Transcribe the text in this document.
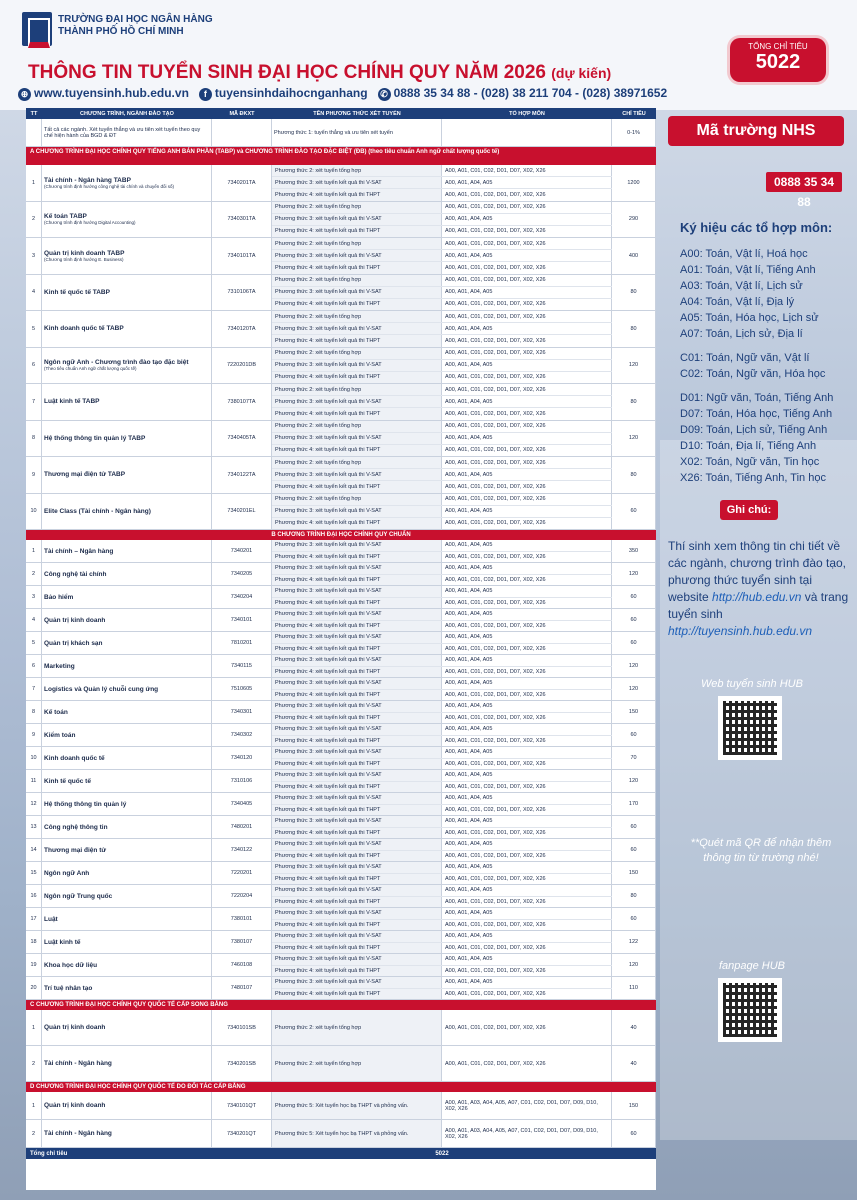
TRƯỜNG ĐẠI HỌC NGÂN HÀNG
THÀNH PHỐ HỒ CHÍ MINH
THÔNG TIN TUYỂN SINH ĐẠI HỌC CHÍNH QUY NĂM 2026 (dự kiến)
⊕ www.tuyensinh.hub.edu.vn	f tuyensinhdaihocnganhang	✆ 0888 35 34 88 - (028) 38 211 704 - (028) 38971652
TỔNG CHỈ TIÊU
5022
TT	CHƯƠNG TRÌNH, NGÀNH ĐÀO TẠO	MÃ ĐKXT	TÊN PHƯƠNG THỨC XÉT TUYỂN	TỔ HỢP MÔN	CHỈ TIÊU
Tất cả các ngành. Xét tuyển thẳng và ưu tiên xét tuyển theo quy chế hiện hành của BGD & ĐT	Phương thức 1: tuyển thẳng và ưu tiên xét tuyển	0-1%
A CHƯƠNG TRÌNH ĐẠI HỌC CHÍNH QUY TIẾNG ANH BÁN PHẦN (TABP) và CHƯƠNG TRÌNH ĐÀO TẠO ĐẶC BIỆT (ĐB) (theo tiêu chuẩn Anh ngữ chất lượng quốc tế)
1	Tài chính - Ngân hàng TABP
(Chương trình định hướng công nghệ tài chính và chuyển đổi số)
7340201TA
Phương thức 2: xét tuyển tổng hợp	A00, A01, C01, C02, D01, D07, X02, X26
Phương thức 3: xét tuyển kết quả thi V-SAT	A00, A01, A04, A05
Phương thức 4: xét tuyển kết quả thi THPT	A00, A01, C01, C02, D01, D07, X02, X26
1200
2	Kế toán TABP
(Chương trình định hướng Digital Accounting)
7340301TA
Phương thức 2: xét tuyển tổng hợp	A00, A01, C01, C02, D01, D07, X02, X26
Phương thức 3: xét tuyển kết quả thi V-SAT	A00, A01, A04, A05
Phương thức 4: xét tuyển kết quả thi THPT	A00, A01, C01, C02, D01, D07, X02, X26
290
3	Quản trị kinh doanh TABP
(Chương trình định hướng E. Business)
7340101TA
Phương thức 2: xét tuyển tổng hợp	A00, A01, C01, C02, D01, D07, X02, X26
Phương thức 3: xét tuyển kết quả thi V-SAT	A00, A01, A04, A05
Phương thức 4: xét tuyển kết quả thi THPT	A00, A01, C01, C02, D01, D07, X02, X26
400
4	Kinh tế quốc tế TABP	7310106TA
Phương thức 2: xét tuyển tổng hợp	A00, A01, C01, C02, D01, D07, X02, X26
Phương thức 3: xét tuyển kết quả thi V-SAT	A00, A01, A04, A05
Phương thức 4: xét tuyển kết quả thi THPT	A00, A01, C01, C02, D01, D07, X02, X26
80
5	Kinh doanh quốc tế TABP	7340120TA
Phương thức 2: xét tuyển tổng hợp	A00, A01, C01, C02, D01, D07, X02, X26
Phương thức 3: xét tuyển kết quả thi V-SAT	A00, A01, A04, A05
Phương thức 4: xét tuyển kết quả thi THPT	A00, A01, C01, C02, D01, D07, X02, X26
80
6	Ngôn ngữ Anh - Chương trình đào tạo đặc biệt
(Theo tiêu chuẩn Anh ngữ chất lượng quốc tế)
7220201DB
Phương thức 2: xét tuyển tổng hợp	A00, A01, C01, C02, D01, D07, X02, X26
Phương thức 3: xét tuyển kết quả thi V-SAT	A00, A01, A04, A05
Phương thức 4: xét tuyển kết quả thi THPT	A00, A01, C01, C02, D01, D07, X02, X26
120
7	Luật kinh tế TABP	7380107TA
Phương thức 2: xét tuyển tổng hợp	A00, A01, C01, C02, D01, D07, X02, X26
Phương thức 3: xét tuyển kết quả thi V-SAT	A00, A01, A04, A05
Phương thức 4: xét tuyển kết quả thi THPT	A00, A01, C01, C02, D01, D07, X02, X26
80
8	Hệ thống thông tin quản lý TABP	7340405TA
Phương thức 2: xét tuyển tổng hợp	A00, A01, C01, C02, D01, D07, X02, X26
Phương thức 3: xét tuyển kết quả thi V-SAT	A00, A01, A04, A05
Phương thức 4: xét tuyển kết quả thi THPT	A00, A01, C01, C02, D01, D07, X02, X26
120
9	Thương mại điện tử TABP	7340122TA
Phương thức 2: xét tuyển tổng hợp	A00, A01, C01, C02, D01, D07, X02, X26
Phương thức 3: xét tuyển kết quả thi V-SAT	A00, A01, A04, A05
Phương thức 4: xét tuyển kết quả thi THPT	A00, A01, C01, C02, D01, D07, X02, X26
80
10	Elite Class (Tài chính - Ngân hàng)	7340201EL
Phương thức 2: xét tuyển tổng hợp	A00, A01, C01, C02, D01, D07, X02, X26
Phương thức 3: xét tuyển kết quả thi V-SAT	A00, A01, A04, A05
Phương thức 4: xét tuyển kết quả thi THPT	A00, A01, C01, C02, D01, D07, X02, X26
60
B CHƯƠNG TRÌNH ĐẠI HỌC CHÍNH QUY CHUẨN
1	Tài chính – Ngân hàng	7340201
Phương thức 3: xét tuyển kết quả thi V-SAT	A00, A01, A04, A05
Phương thức 4: xét tuyển kết quả thi THPT	A00, A01, C01, C02, D01, D07, X02, X26
350
2	Công nghệ tài chính	7340205
Phương thức 3: xét tuyển kết quả thi V-SAT	A00, A01, A04, A05
Phương thức 4: xét tuyển kết quả thi THPT	A00, A01, C01, C02, D01, D07, X02, X26
120
3	Bảo hiểm	7340204
Phương thức 3: xét tuyển kết quả thi V-SAT	A00, A01, A04, A05
Phương thức 4: xét tuyển kết quả thi THPT	A00, A01, C01, C02, D01, D07, X02, X26
60
4	Quản trị kinh doanh	7340101
Phương thức 3: xét tuyển kết quả thi V-SAT	A00, A01, A04, A05
Phương thức 4: xét tuyển kết quả thi THPT	A00, A01, C01, C02, D01, D07, X02, X26
60
5	Quản trị khách sạn	7810201
Phương thức 3: xét tuyển kết quả thi V-SAT	A00, A01, A04, A05
Phương thức 4: xét tuyển kết quả thi THPT	A00, A01, C01, C02, D01, D07, X02, X26
60
6	Marketing	7340115
Phương thức 3: xét tuyển kết quả thi V-SAT	A00, A01, A04, A05
Phương thức 4: xét tuyển kết quả thi THPT	A00, A01, C01, C02, D01, D07, X02, X26
120
7	Logistics và Quản lý chuỗi cung ứng	7510605
Phương thức 3: xét tuyển kết quả thi V-SAT	A00, A01, A04, A05
Phương thức 4: xét tuyển kết quả thi THPT	A00, A01, C01, C02, D01, D07, X02, X26
120
8	Kế toán	7340301
Phương thức 3: xét tuyển kết quả thi V-SAT	A00, A01, A04, A05
Phương thức 4: xét tuyển kết quả thi THPT	A00, A01, C01, C02, D01, D07, X02, X26
150
9	Kiểm toán	7340302
Phương thức 3: xét tuyển kết quả thi V-SAT	A00, A01, A04, A05
Phương thức 4: xét tuyển kết quả thi THPT	A00, A01, C01, C02, D01, D07, X02, X26
60
10	Kinh doanh quốc tế	7340120
Phương thức 3: xét tuyển kết quả thi V-SAT	A00, A01, A04, A05
Phương thức 4: xét tuyển kết quả thi THPT	A00, A01, C01, C02, D01, D07, X02, X26
70
11	Kinh tế quốc tế	7310106
Phương thức 3: xét tuyển kết quả thi V-SAT	A00, A01, A04, A05
Phương thức 4: xét tuyển kết quả thi THPT	A00, A01, C01, C02, D01, D07, X02, X26
120
12	Hệ thống thông tin quản lý	7340405
Phương thức 3: xét tuyển kết quả thi V-SAT	A00, A01, A04, A05
Phương thức 4: xét tuyển kết quả thi THPT	A00, A01, C01, C02, D01, D07, X02, X26
170
13	Công nghệ thông tin	7480201
Phương thức 3: xét tuyển kết quả thi V-SAT	A00, A01, A04, A05
Phương thức 4: xét tuyển kết quả thi THPT	A00, A01, C01, C02, D01, D07, X02, X26
60
14	Thương mại điện tử	7340122
Phương thức 3: xét tuyển kết quả thi V-SAT	A00, A01, A04, A05
Phương thức 4: xét tuyển kết quả thi THPT	A00, A01, C01, C02, D01, D07, X02, X26
60
15	Ngôn ngữ Anh	7220201
Phương thức 3: xét tuyển kết quả thi V-SAT	A00, A01, A04, A05
Phương thức 4: xét tuyển kết quả thi THPT	A00, A01, C01, C02, D01, D07, X02, X26
150
16	Ngôn ngữ Trung quốc	7220204
Phương thức 3: xét tuyển kết quả thi V-SAT	A00, A01, A04, A05
Phương thức 4: xét tuyển kết quả thi THPT	A00, A01, C01, C02, D01, D07, X02, X26
80
17	Luật	7380101
Phương thức 3: xét tuyển kết quả thi V-SAT	A00, A01, A04, A05
Phương thức 4: xét tuyển kết quả thi THPT	A00, A01, C01, C02, D01, D07, X02, X26
60
18	Luật kinh tế	7380107
Phương thức 3: xét tuyển kết quả thi V-SAT	A00, A01, A04, A05
Phương thức 4: xét tuyển kết quả thi THPT	A00, A01, C01, C02, D01, D07, X02, X26
122
19	Khoa học dữ liệu	7460108
Phương thức 3: xét tuyển kết quả thi V-SAT	A00, A01, A04, A05
Phương thức 4: xét tuyển kết quả thi THPT	A00, A01, C01, C02, D01, D07, X02, X26
120
20	Trí tuệ nhân tạo	7480107
Phương thức 3: xét tuyển kết quả thi V-SAT	A00, A01, A04, A05
Phương thức 4: xét tuyển kết quả thi THPT	A00, A01, C01, C02, D01, D07, X02, X26
110
C CHƯƠNG TRÌNH ĐẠI HỌC CHÍNH QUY QUỐC TẾ CẤP SONG BẰNG
1	Quản trị kinh doanh	7340101SB	Phương thức 2: xét tuyển tổng hợp	A00, A01, C01, C02, D01, D07, X02, X26	40
2	Tài chính - Ngân hàng	7340201SB	Phương thức 2: xét tuyển tổng hợp	A00, A01, C01, C02, D01, D07, X02, X26	40
D CHƯƠNG TRÌNH ĐẠI HỌC CHÍNH QUY QUỐC TẾ DO ĐỐI TÁC CẤP BẰNG
1	Quản trị kinh doanh	7340101QT	Phương thức 5: Xét tuyển học bạ THPT và phỏng vấn.	A00, A01, A03, A04, A05, A07, C01, C02, D01, D07, D09, D10, X02, X26	150
2	Tài chính - Ngân hàng	7340201QT	Phương thức 5: Xét tuyển học bạ THPT và phỏng vấn.	A00, A01, A03, A04, A05, A07, C01, C02, D01, D07, D09, D10, X02, X26	60
Tổng chỉ tiêu	5022
Mã trường NHS
0888 35 34 88
Ký hiệu các tổ hợp môn:
A00: Toán, Vật lí, Hoá học
A01: Toán, Vật lí, Tiếng Anh
A03: Toán, Vật lí, Lịch sử
A04: Toán, Vật lí, Địa lý
A05: Toán, Hóa học, Lịch sử
A07: Toán, Lịch sử, Địa lí
C01: Toán, Ngữ văn, Vật lí
C02: Toán, Ngữ văn, Hóa học
D01: Ngữ văn, Toán, Tiếng Anh
D07: Toán, Hóa học, Tiếng Anh
D09: Toán, Lịch sử, Tiếng Anh
D10: Toán, Địa lí, Tiếng Anh
X02: Toán, Ngữ văn, Tin học
X26: Toán, Tiếng Anh, Tin học
Ghi chú:
Thí sinh xem thông tin chi tiết về các ngành, chương trình đào tạo, phương thức tuyển sinh tại website http://hub.edu.vn và trang tuyển sinh
http://tuyensinh.hub.edu.vn
Web tuyển sinh HUB
**Quét mã QR để nhận thêm thông tin từ trường nhé!
fanpage HUB
